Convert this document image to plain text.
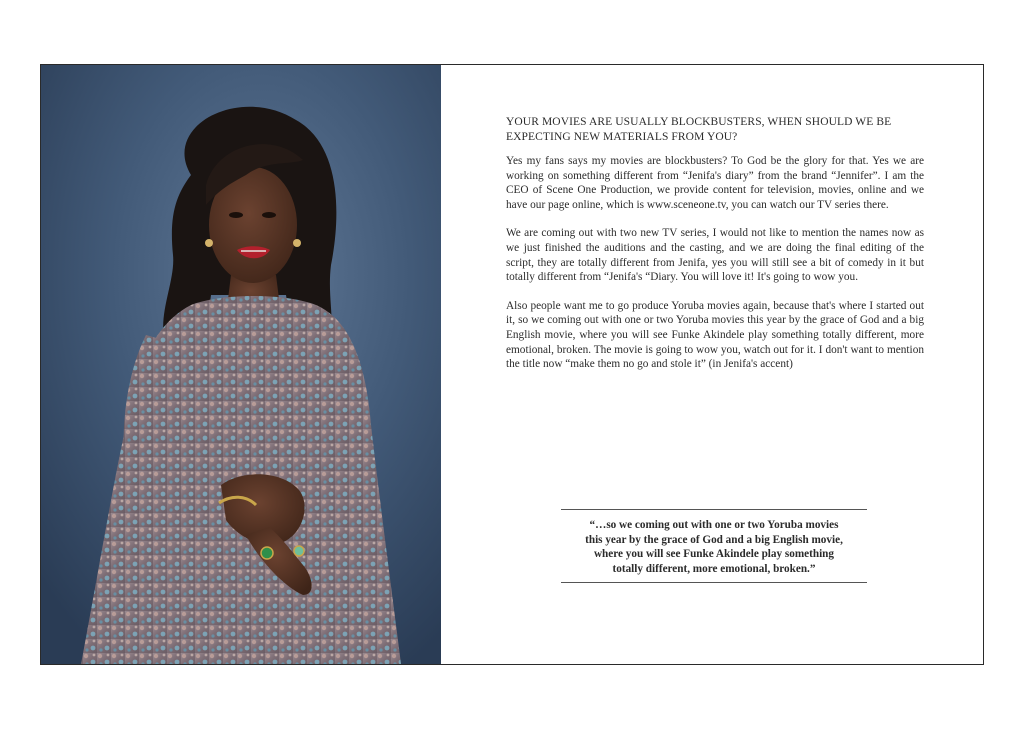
YOUR MOVIES ARE USUALLY BLOCKBUSTERS, WHEN SHOULD WE BE EXPECTING NEW MATERIALS FROM YOU?

Yes my fans says my movies are blockbusters? To God be the glory for that. Yes we are working on something different from “Jenifa's diary” from the brand “Jennifer”. I am the CEO of Scene One Production, we provide content for television, movies, online and we have our page online, which is www.sceneone.tv, you can watch our TV series there.

We are coming out with two new TV series, I would not like to mention the names now as we just finished the auditions and the casting, and we are doing the final editing of the script, they are totally different from Jenifa, yes you will still see a bit of comedy in it but totally different from “Jenifa's “Diary. You will love it! It's going to wow you.

Also people want me to go produce Yoruba movies again, because that's where I started out it, so we coming out with one or two Yoruba movies this year by the grace of God and a big English movie, where you will see Funke Akindele play something totally different, more emotional, broken. The movie is going to wow you, watch out for it. I don't want to mention the title now “make them no go and stole it” (in Jenifa's accent)

“…so we coming out with one or two Yoruba movies
this year by the grace of God and a big English movie,
where you will see Funke Akindele play something
totally different, more emotional, broken.”
